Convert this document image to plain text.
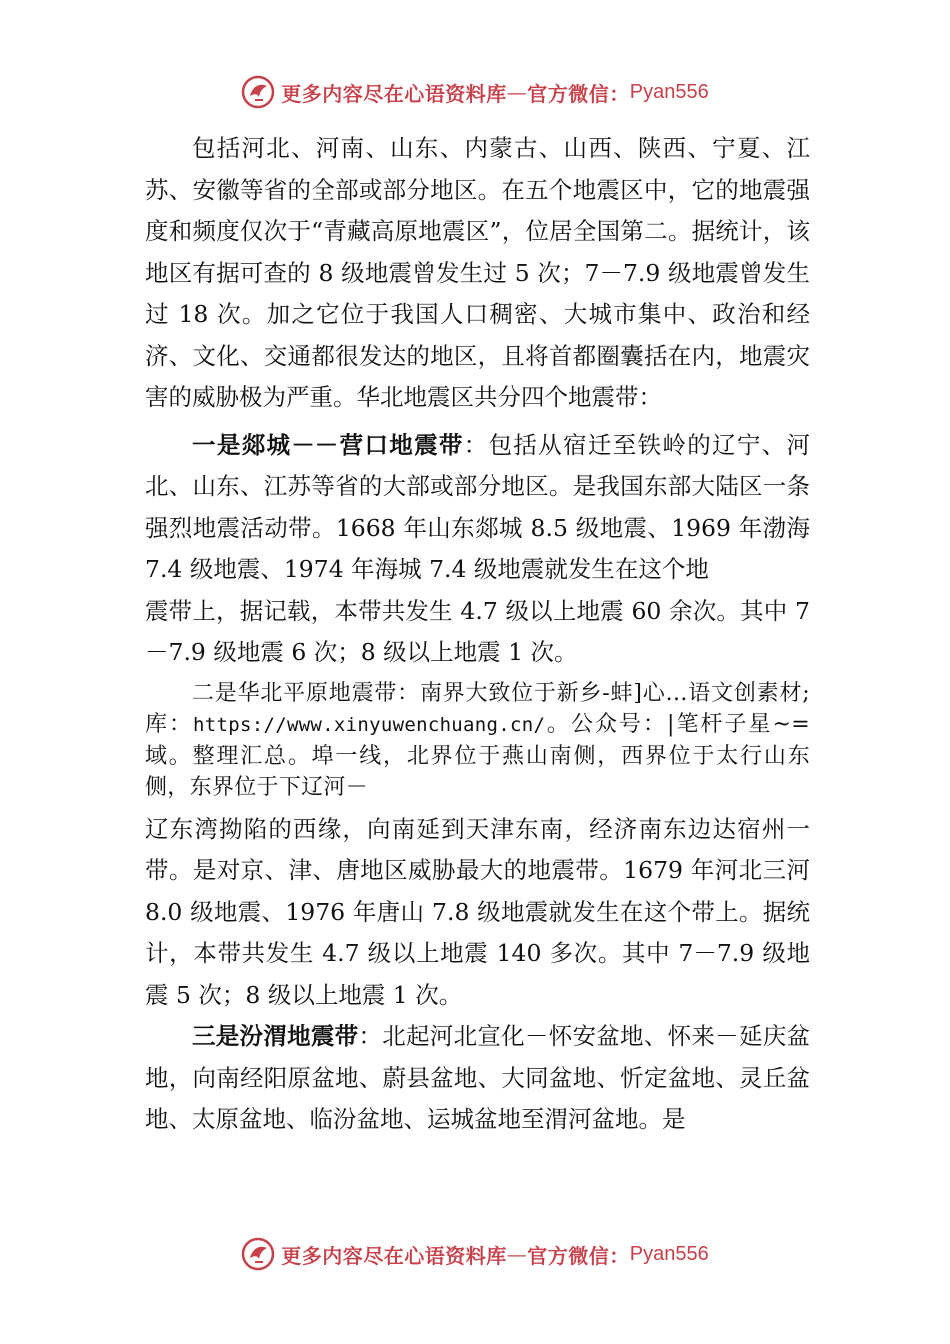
更多内容尽在心语资料库 — 官方微信： Pyan556

包括河北、河南、山东、内蒙古、山西、陕西、宁夏、江苏、安徽等省的全部或部分地区。在五个地震区中，它的地震强度和频度仅次于“青藏高原地震区”，位居全国第二。据统计，该地区有据可查的 8 级地震曾发生过 5 次；7－7.9 级地震曾发生过 18 次。加之它位于我国人口稠密、大城市集中、政治和经济、文化、交通都很发达的地区，且将首都圈囊括在内，地震灾害的威胁极为严重。华北地震区共分四个地震带：

一是郯城－－营口地震带：包括从宿迁至铁岭的辽宁、河北、山东、江苏等省的大部或部分地区。是我国东部大陆区一条强烈地震活动带。1668 年山东郯城 8.5 级地震、1969 年渤海 7.4 级地震、1974 年海城 7.4 级地震就发生在这个地

震带上，据记载，本带共发生 4.7 级以上地震 60 余次。其中 7－7.9 级地震 6 次；8 级以上地震 1 次。

二是华北平原地震带：南界大致位于新乡-蚌]心…语文创素材;库：https://www.xinyuwenchuang.cn/。公众号：|笔杆子星~=域。整理汇总。埠一线，北界位于燕山南侧，西界位于太行山东侧，东界位于下辽河－

辽东湾拗陷的西缘，向南延到天津东南，经济南东边达宿州一带。是对京、津、唐地区威胁最大的地震带。1679 年河北三河 8.0 级地震、1976 年唐山 7.8 级地震就发生在这个带上。据统计，本带共发生 4.7 级以上地震 140 多次。其中 7－7.9 级地震 5 次；8 级以上地震 1 次。

三是汾渭地震带：北起河北宣化－怀安盆地、怀来－延庆盆地，向南经阳原盆地、蔚县盆地、大同盆地、忻定盆地、灵丘盆地、太原盆地、临汾盆地、运城盆地至渭河盆地。是

更多内容尽在心语资料库 — 官方微信： Pyan556
